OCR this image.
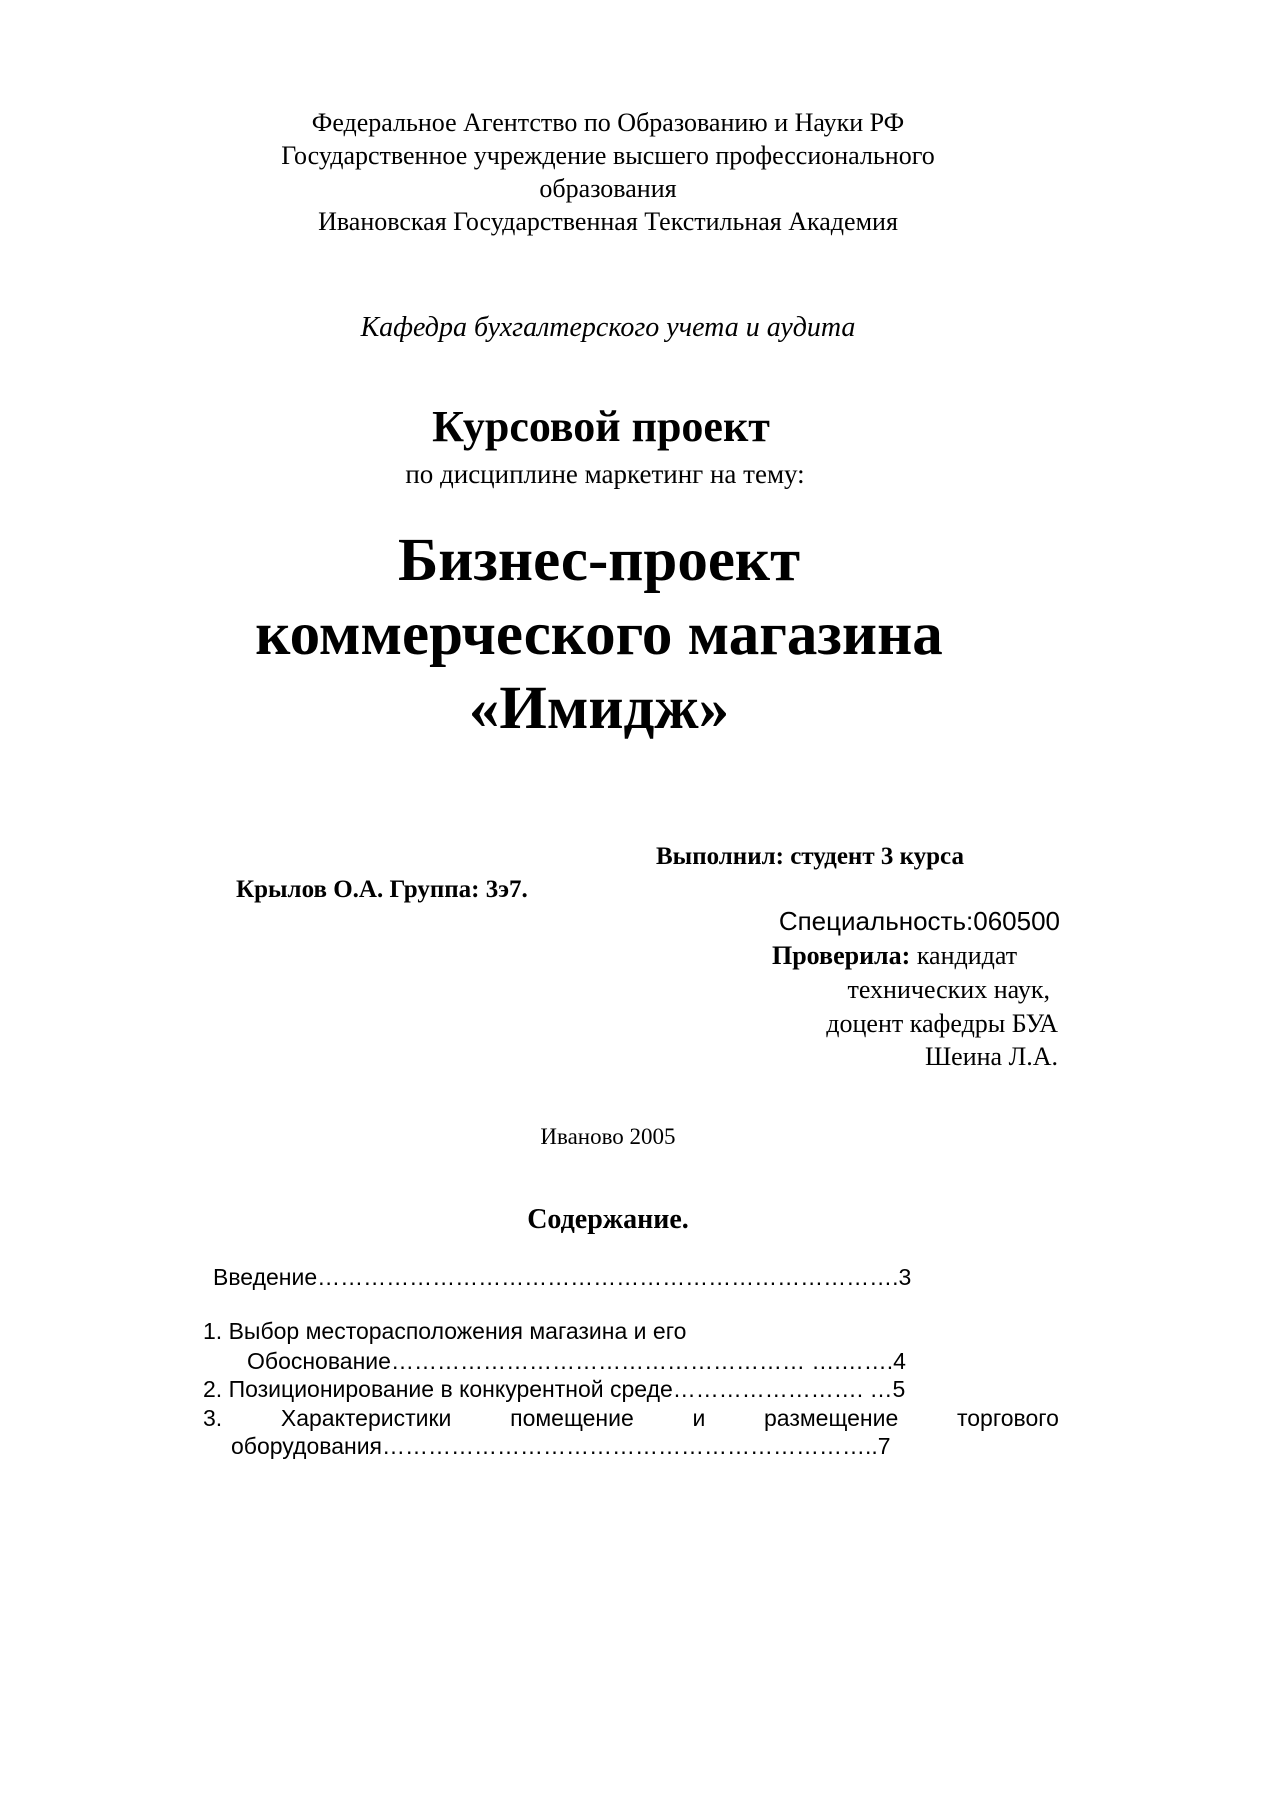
Федеральное Агентство по Образованию и Науки РФ
Государственное учреждение высшего профессионального
образования
Ивановская Государственная Текстильная Академия
Кафедра бухгалтерского учета и аудита
Курсовой проект
по дисциплине маркетинг на тему:
Бизнес-проект
коммерческого магазина
«Имидж»
Выполнил: студент 3 курса
Крылов О.А. Группа: 3э7.
Специальность:060500
Проверила: кандидат
технических наук,
доцент кафедры БУА
Шеина Л.А.
Иваново 2005
Содержание.
Введение………………………………………………………………….3
1. Выбор месторасположения магазина и его
Обоснование……………………………………………… ….…….4
2. Позиционирование в конкурентной среде……………………. …5
3.	Характеристики	помещение	и	размещение	торгового
оборудования………………………………………………………..7
